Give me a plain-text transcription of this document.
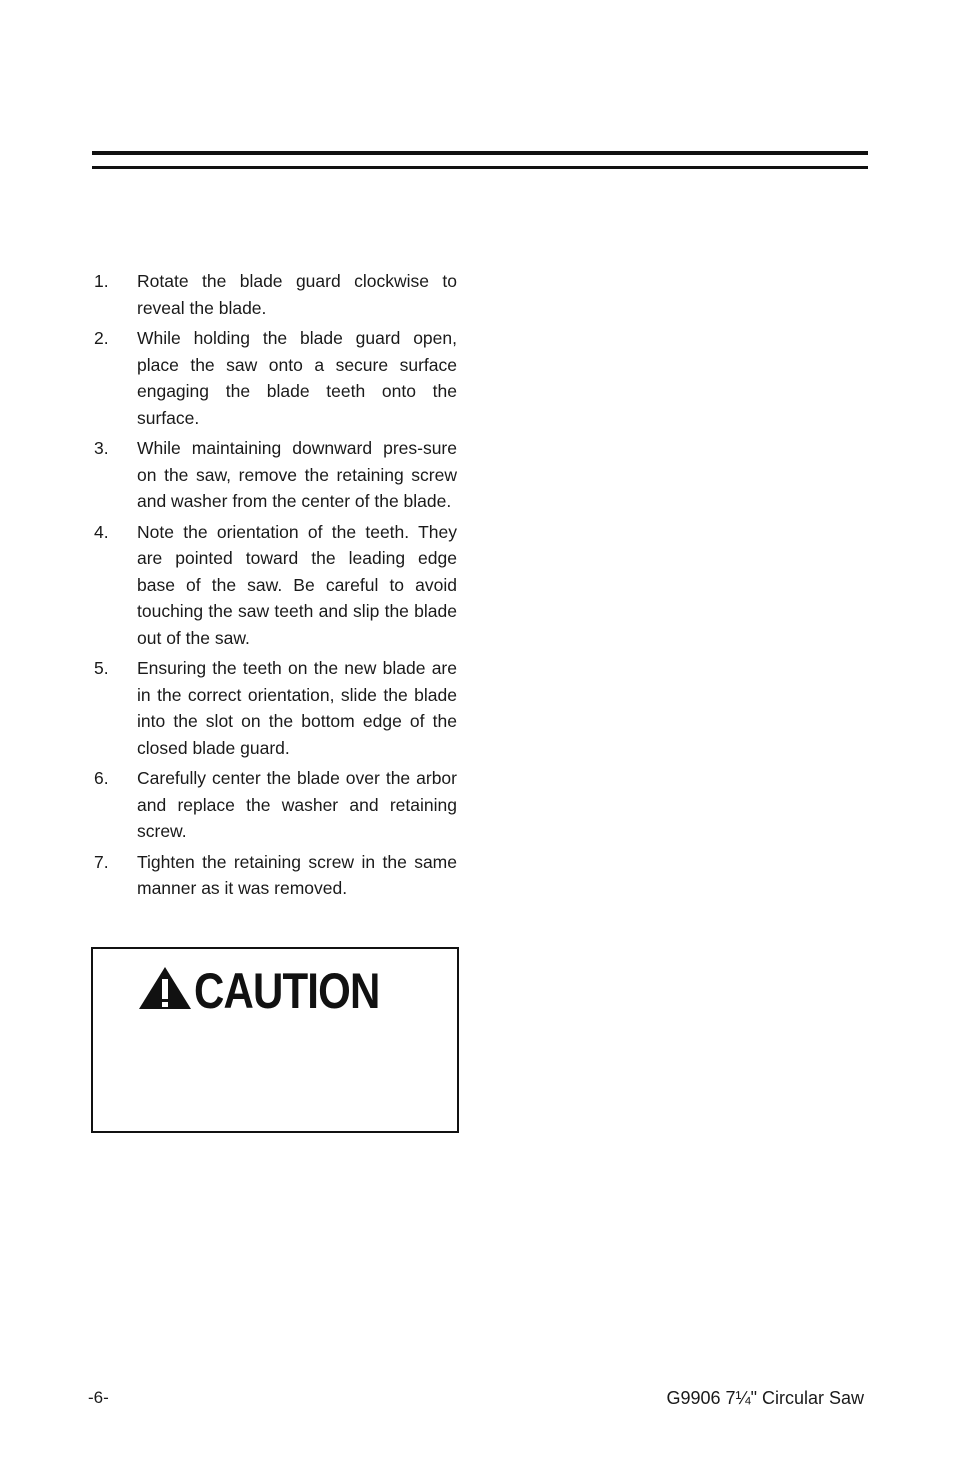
1. Rotate the blade guard clockwise to reveal the blade.
2. While holding the blade guard open, place the saw onto a secure surface engaging the blade teeth onto the surface.
3. While maintaining downward pres-sure on the saw, remove the retaining screw and washer from the center of the blade.
4. Note the orientation of the teeth. They are pointed toward the leading edge base of the saw. Be careful to avoid touching the saw teeth and slip the blade out of the saw.
5. Ensuring the teeth on the new blade are in the correct orientation, slide the blade into the slot on the bottom edge of the closed blade guard.
6. Carefully center the blade over the arbor and replace the washer and retaining screw.
7. Tighten the retaining screw in the same manner as it was removed.
CAUTION
-6-	G9906 7¼" Circular Saw
